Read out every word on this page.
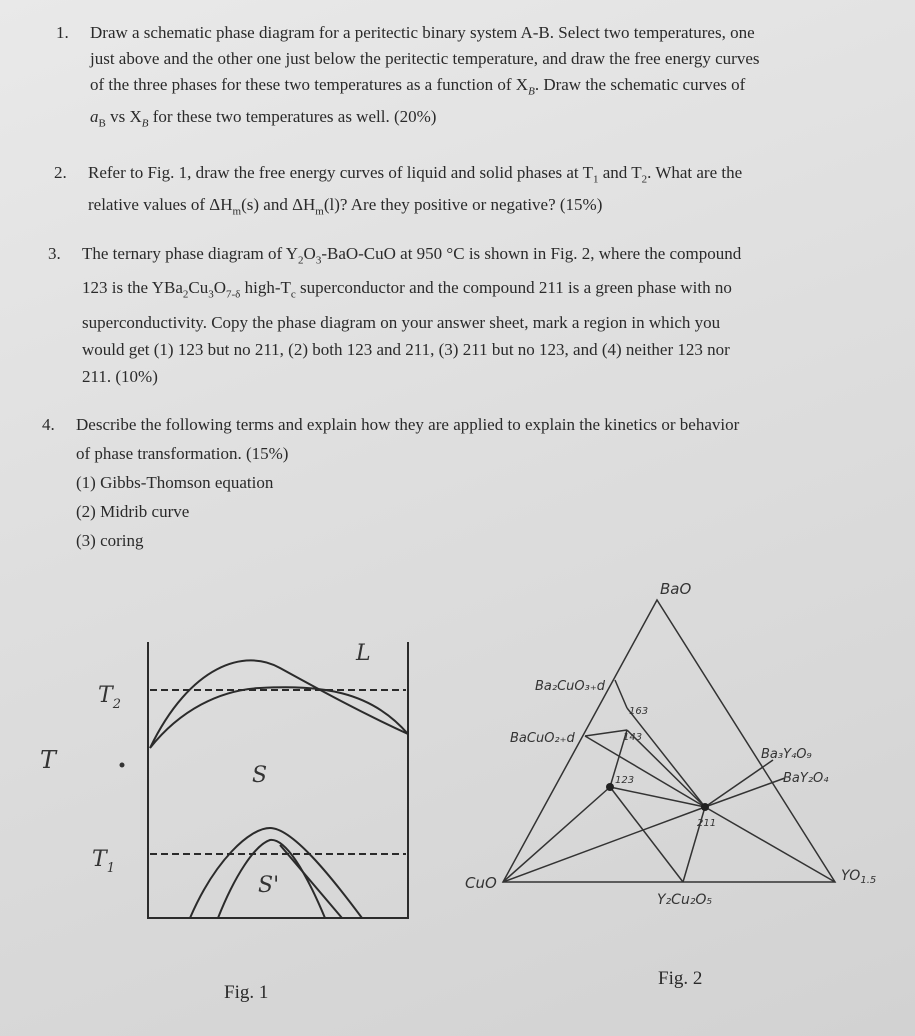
1. Draw a schematic phase diagram for a peritectic binary system A-B. Select two temperatures, one

just above and the other one just below the peritectic temperature, and draw the free energy curves

of the three phases for these two temperatures as a function of $X_B$. Draw the schematic curves of

$a_B$ vs $X_B$ for these two temperatures as well. (20%)

2. Refer to Fig. 1, draw the free energy curves of liquid and solid phases at $T_1$ and $T_2$. What are the

relative values of $\Delta H_m(s)$ and $\Delta H_m(l)$? Are they positive or negative? (15%)

3. The ternary phase diagram of $Y_2O_3-BaO$-CuO at 950 °C is shown in Fig. 2, where the compound

123 is the $YBa_2Cu_3O_{7-\delta}$ high-$T_c$ superconductor and the compound 211 is a green phase with no

superconductivity. Copy the phase diagram on your answer sheet, mark a region in which you

would get (1) 123 but no 211, (2) both 123 and 211, (3) 211 but no 123, and (4) neither 123 nor

211. (10%)

4. Describe the following terms and explain how they are applied to explain the kinetics or behavior

of phase transformation. (15%)

(1) Gibbs-Thomson equation

(2) Midrib curve

(3) coring

T
$T_2$
$T_1$
L
S
S'
Fig. 1
BaO
CuO	$YO_{1.5}$
Y₂Cu₂O₅
Ba₂CuO₃₊d
BaCuO₂₊d
Ba₃Y₄O₉
BaY₂O₄
163
143
123
211
Fig. 2
